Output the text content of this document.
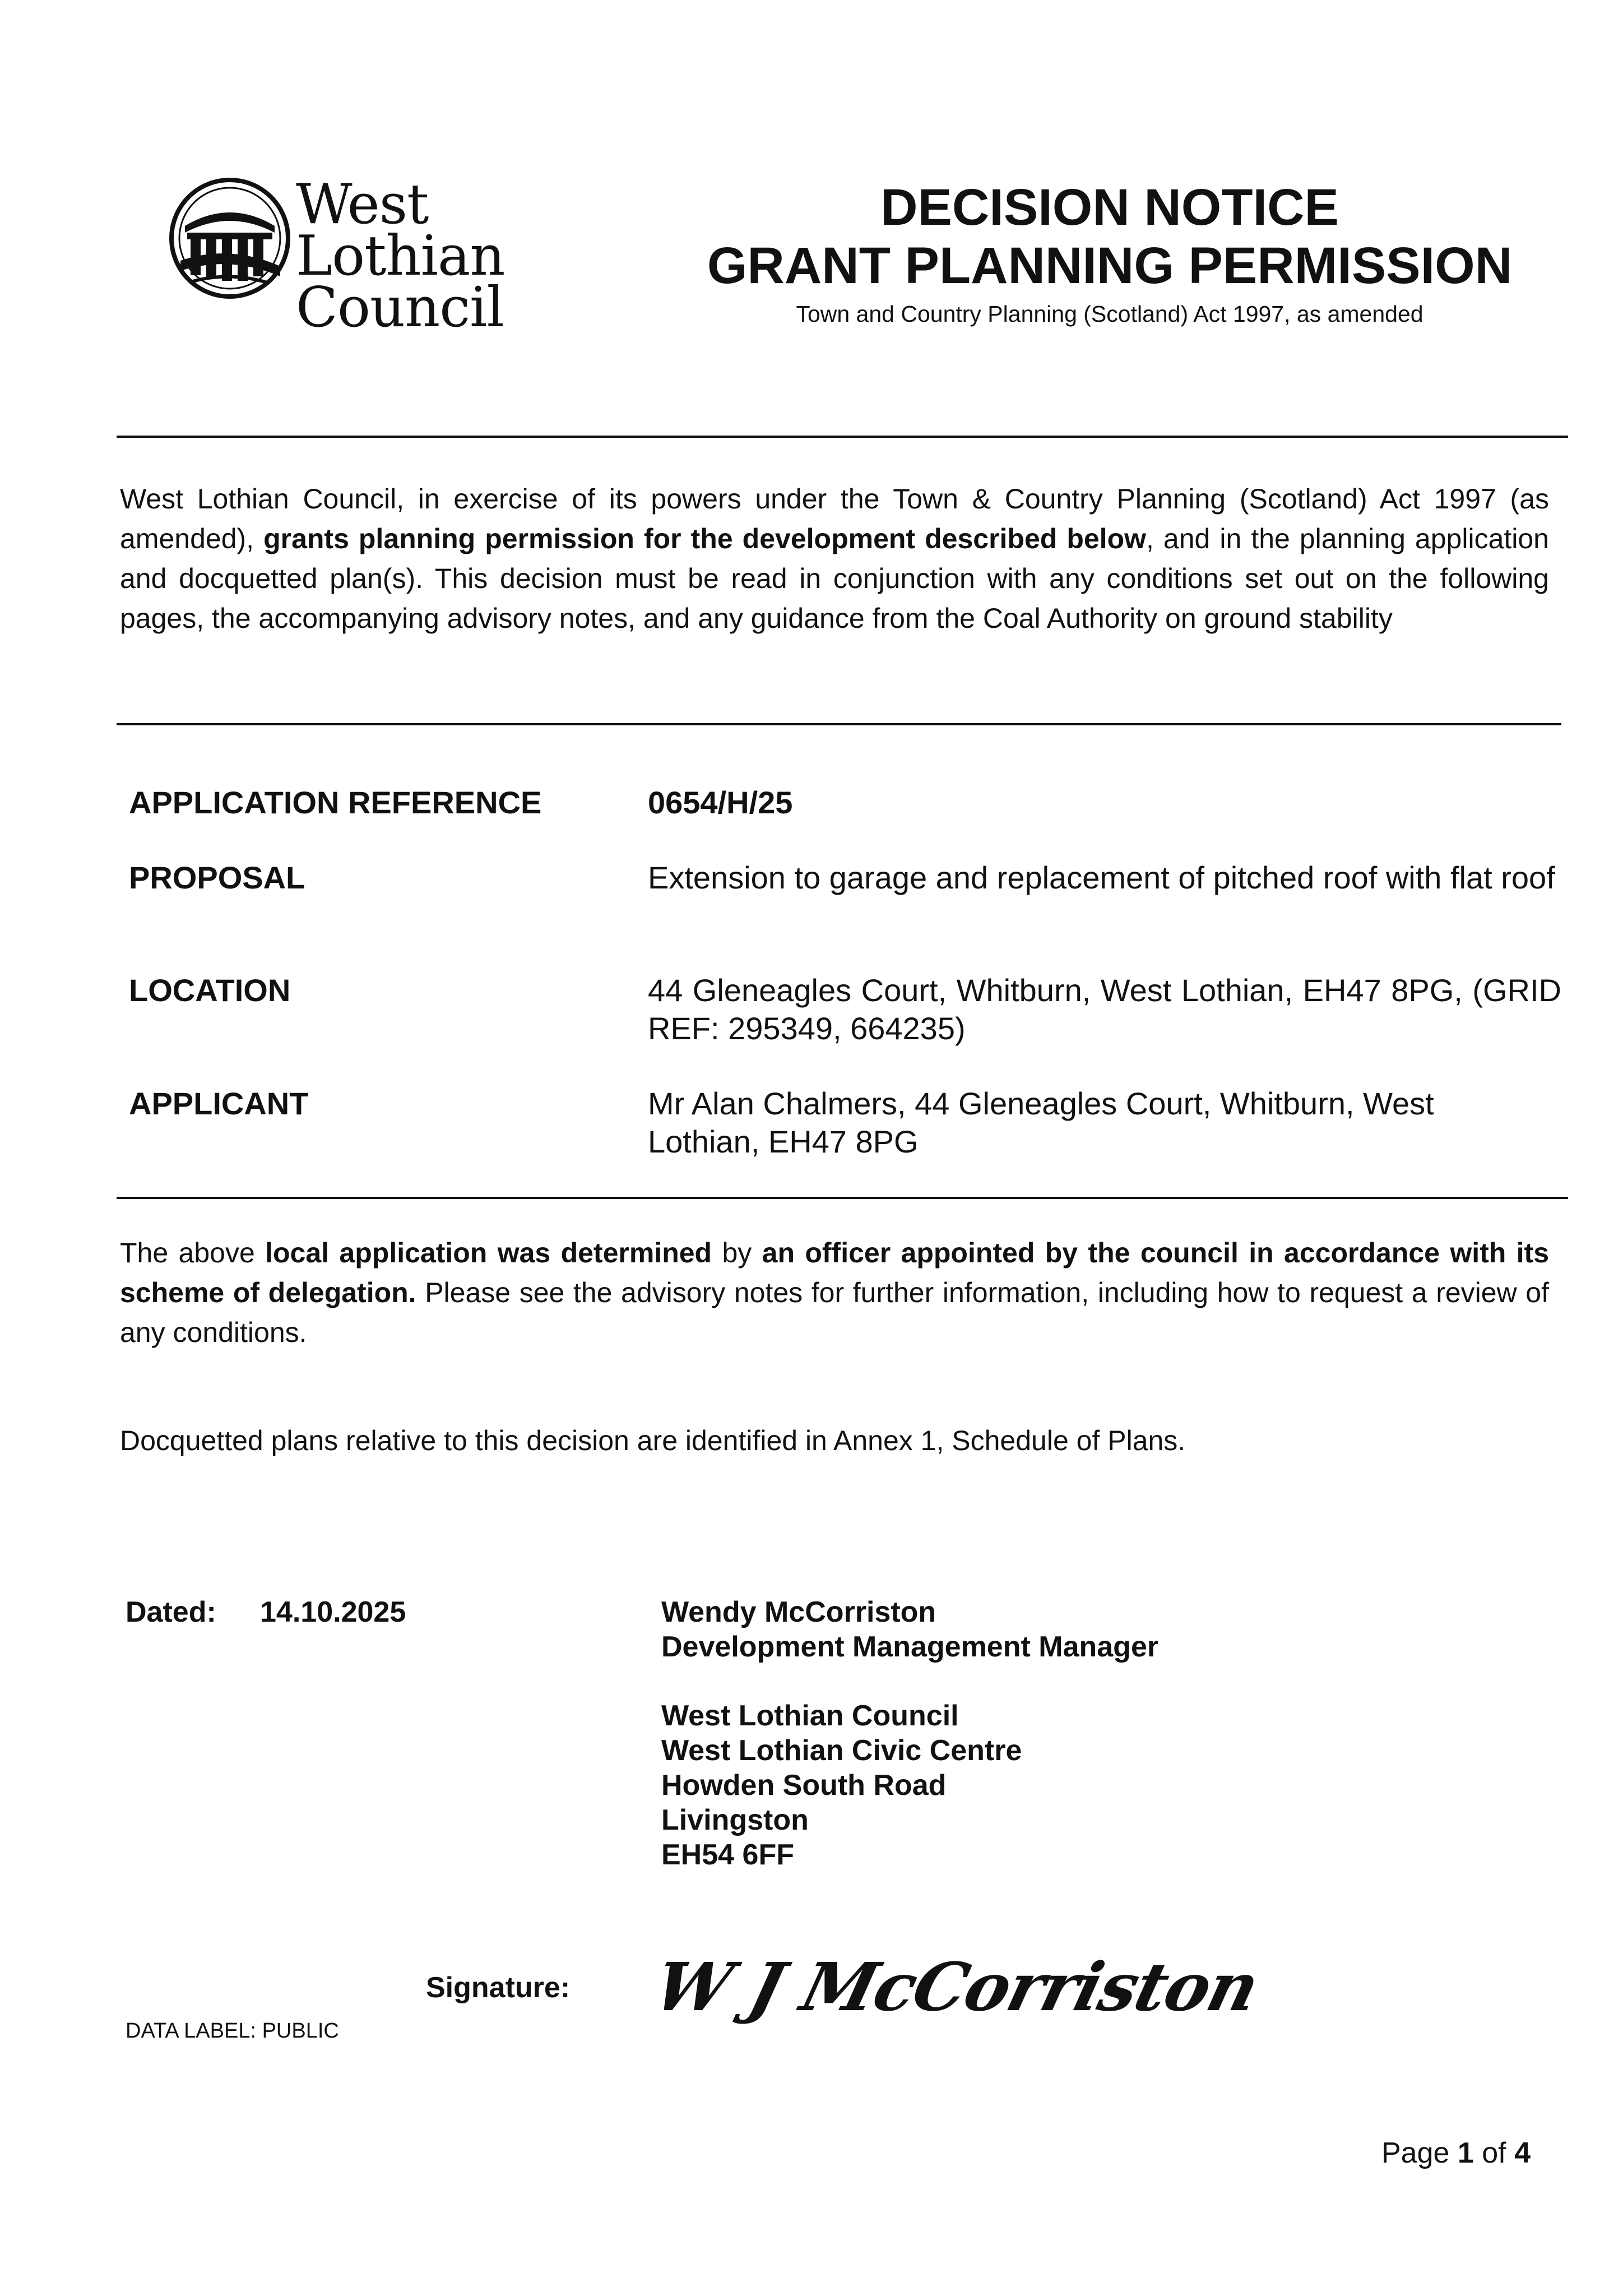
West Lothian
Council
DECISION NOTICE
GRANT PLANNING PERMISSION
Town and Country Planning (Scotland) Act 1997, as amended
West Lothian Council, in exercise of its powers under the Town & Country Planning (Scotland) Act 1997 (as amended), grants planning permission for the development described below, and in the planning application and docquetted plan(s). This decision must be read in conjunction with any conditions set out on the following pages, the accompanying advisory notes, and any guidance from the Coal Authority on ground stability
APPLICATION REFERENCE	0654/H/25
PROPOSAL	Extension to garage and replacement of pitched roof with flat roof
LOCATION	44 Gleneagles Court, Whitburn, West Lothian, EH47 8PG, (GRID REF: 295349, 664235)
APPLICANT	Mr Alan Chalmers, 44 Gleneagles Court, Whitburn, West Lothian, EH47 8PG
The above local application was determined by an officer appointed by the council in accordance with its scheme of delegation. Please see the advisory notes for further information, including how to request a review of any conditions.
Docquetted plans relative to this decision are identified in Annex 1, Schedule of Plans.
Dated: 14.10.2025	Wendy McCorriston
Development Management Manager
West Lothian Council
West Lothian Civic Centre
Howden South Road
Livingston
EH54 6FF
Signature: W J McCorriston
DATA LABEL: PUBLIC
Page 1 of 4
